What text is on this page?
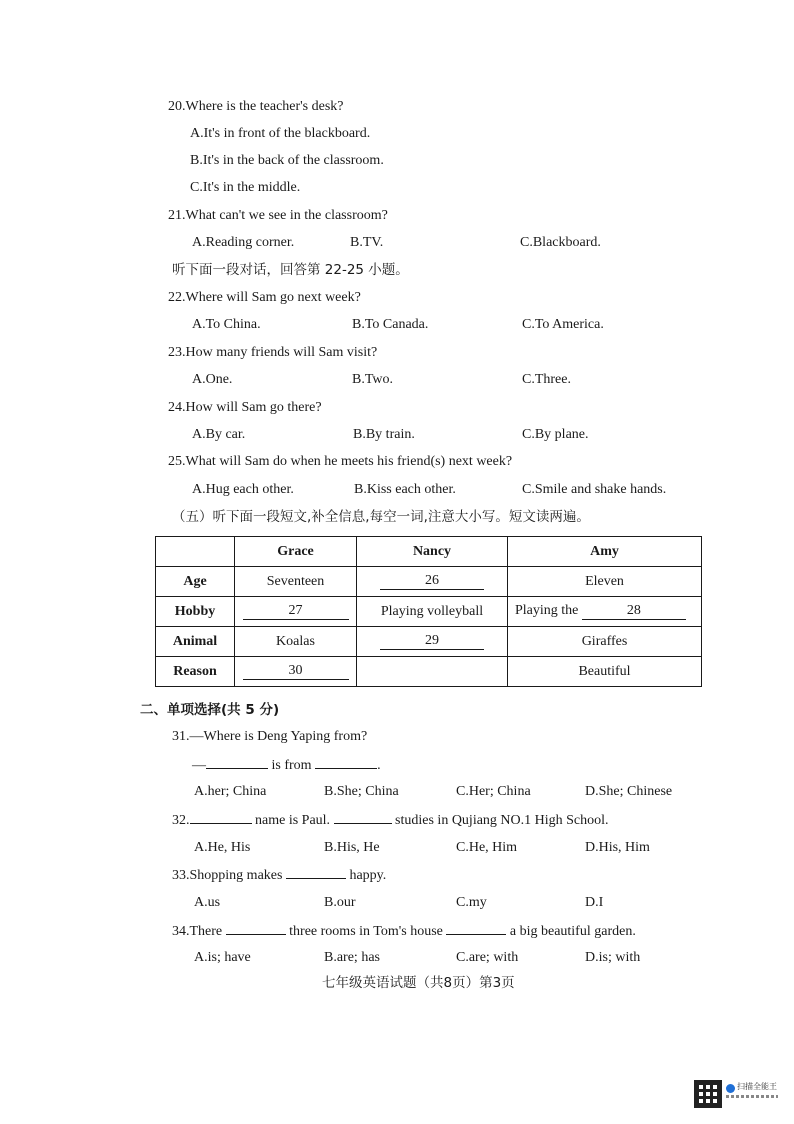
20.Where is the teacher's desk?
A.It's in front of the blackboard.
B.It's in the back of the classroom.
C.It's in the middle.
21.What can't we see in the classroom?
A.Reading corner.	B.TV.	C.Blackboard.
听下面一段对话，回答第 22-25 小题。
22.Where will Sam go next week?
A.To China.	B.To Canada.	C.To America.
23.How many friends will Sam visit?
A.One.	B.Two.	C.Three.
24.How will Sam go there?
A.By car.	B.By train.	C.By plane.
25.What will Sam do when he meets his friend(s) next week?
A.Hug each other.	B.Kiss each other.	C.Smile and shake hands.
（五）听下面一段短文,补全信息,每空一词,注意大小写。短文读两遍。
	Grace	Nancy	Amy
Age	Seventeen	26	Eleven
Hobby	27	Playing volleyball	Playing the 28
Animal	Koalas	29	Giraffes
Reason	30		Beautiful
二、单项选择(共 5 分)
31.—Where is Deng Yaping from?
—	is from	.
A.her; China	B.She; China	C.Her; China	D.She; Chinese
32.	name is Paul.	studies in Qujiang NO.1 High School.
A.He, His	B.His, He	C.He, Him	D.His, Him
33.Shopping makes	happy.
A.us	B.our	C.my	D.I
34.There	three rooms in Tom's house	a big beautiful garden.
A.is; have	B.are; has	C.are; with	D.is; with
七年级英语试题（共8页）第3页
扫描全能王
